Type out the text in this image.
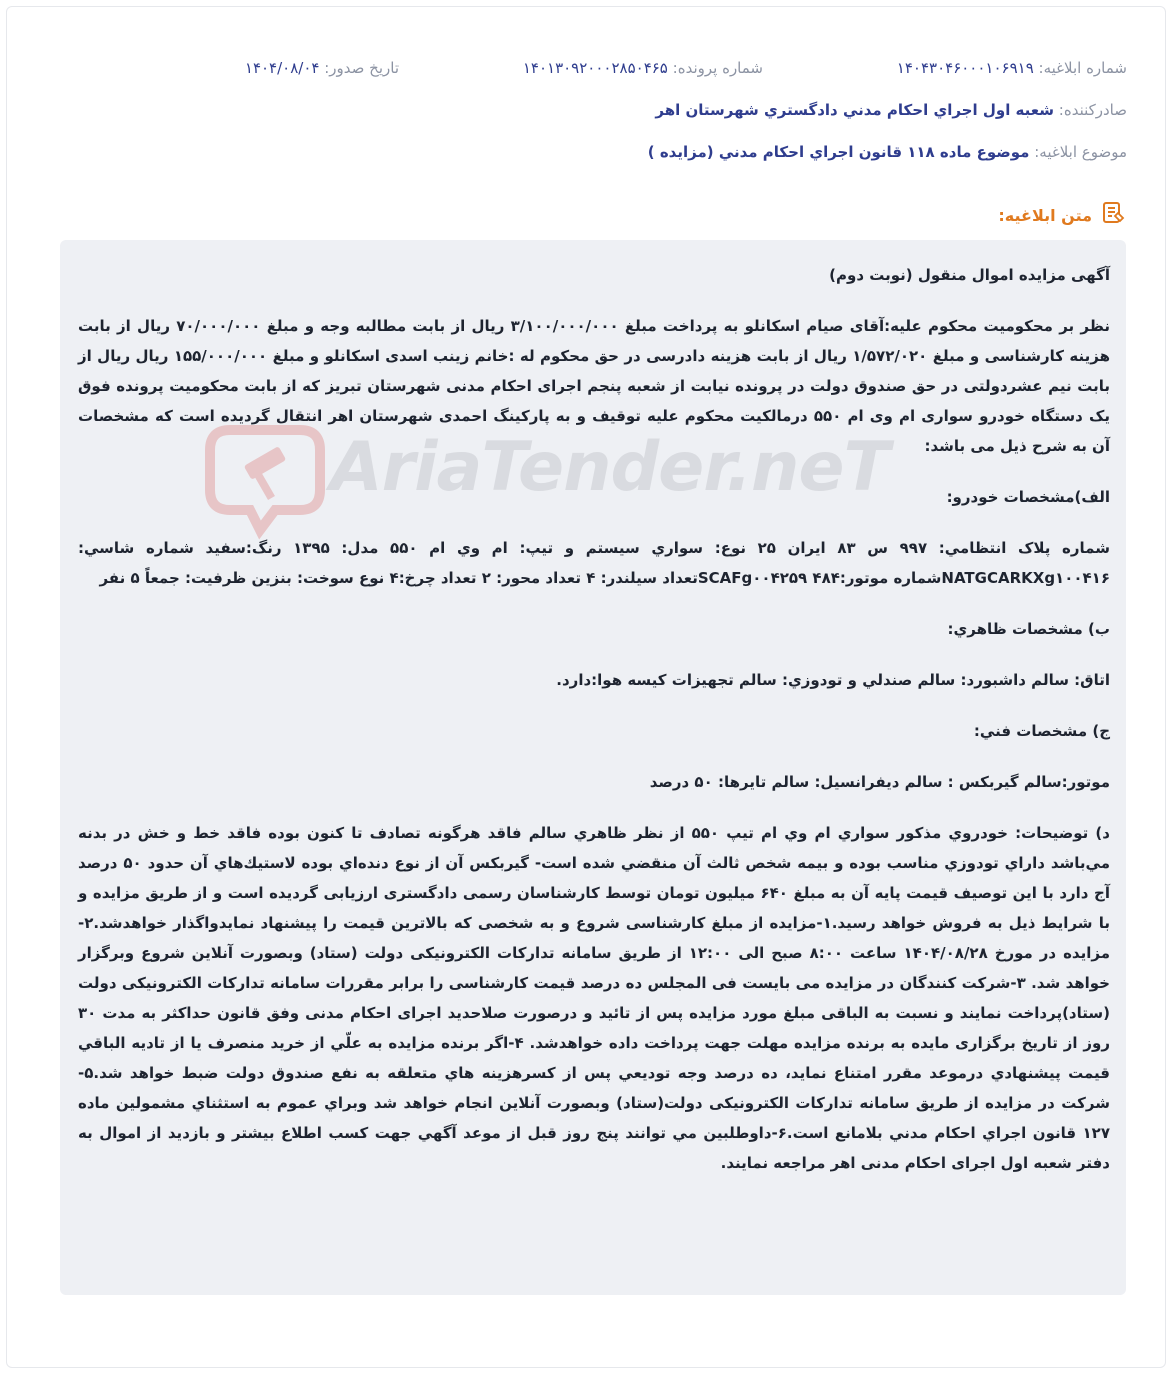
شماره ابلاغيه: ۱۴۰۴۳۰۴۶۰۰۰۱۰۶۹۱۹
شماره پرونده: ۱۴۰۱۳۰۹۲۰۰۰۲۸۵۰۴۶۵
تاريخ صدور: ۱۴۰۴/۰۸/۰۴
صادرکننده: شعبه اول اجراي احكام مدني دادگستري شهرستان اهر
موضوع ابلاغيه: موضوع ماده ۱۱۸ قانون اجراي احكام مدني (مزايده )
متن ابلاغيه:

آگهی مزایده اموال منقول (نوبت دوم)

نظر بر محکومیت محکوم علیه:آقای صیام اسکانلو به پرداخت مبلغ ۳/۱۰۰/۰۰۰/۰۰۰ ریال از بابت مطالبه وجه و مبلغ ۷۰/۰۰۰/۰۰۰ ریال از بابت هزینه کارشناسی و مبلغ ۱/۵۷۲/۰۲۰ ریال از بابت هزینه دادرسی در حق محکوم له :خانم زینب اسدی اسکانلو و مبلغ ۱۵۵/۰۰۰/۰۰۰ ریال ریال از بابت نیم عشردولتی در حق صندوق دولت در پرونده نیابت از شعبه پنجم اجرای احکام مدنی شهرستان تبریز که از بابت محکومیت پرونده فوق یک دستگاه خودرو سواری ام وی ام ۵۵۰ درمالکیت محکوم علیه توقیف و به پارکینگ احمدی شهرستان اهر انتقال گردیده است که مشخصات آن به شرح ذیل می باشد:

الف)مشخصات خودرو:

شماره پلاک انتظامي: ۹۹۷ س ۸۳ ايران ۲۵ نوع: سواري سيستم و تيپ: ام وي ام ۵۵۰ مدل: ۱۳۹۵ رنگ:سفيد شماره شاسي: NATGCARKXg۱۰۰۴۱۶شماره موتور:SCAFg۰۰۴۲۵۹ ۴۸۴تعداد سيلندر: ۴ تعداد محور: ۲ تعداد چرخ:۴ نوع سوخت: بنزين ظرفيت: جمعاً ۵ نفر

ب) مشخصات ظاهري:

اتاق: سالم داشبورد: سالم صندلي و تودوزي: سالم تجهيزات كيسه هوا:دارد.

ج) مشخصات فني:

موتور:سالم گيربكس : سالم ديفرانسيل: سالم تايرها: ۵۰ درصد

د) توضيحات: خودروي مذكور سواري ام وي ام تيپ ۵۵۰ از نظر ظاهري سالم فاقد هرگونه تصادف تا كنون بوده فاقد خط و خش در بدنه مي‌باشد داراي تودوزي مناسب بوده و بيمه شخص ثالث آن منقضي شده است- گيربكس آن از نوع دنده‌اي بوده لاستيك‌هاي آن حدود ۵۰ درصد آج دارد با این توصیف قیمت پایه آن به مبلغ ۶۴۰ میلیون تومان توسط کارشناسان رسمی دادگستری ارزیابی گردیده است و از طریق مزایده و با شرایط ذیل به فروش خواهد رسید.۱-مزایده از مبلغ کارشناسی شروع و به شخصی که بالاترین قیمت را پیشنهاد نمایدواگذار خواهدشد.۲-مزایده در مورخ ۱۴۰۴/۰۸/۲۸ ساعت ۸:۰۰ صبح الی ۱۲:۰۰ از طریق سامانه تدارکات الکترونیکی دولت (ستاد) وبصورت آنلاین شروع وبرگزار خواهد شد. ۳-شرکت کنندگان در مزایده می بایست فی المجلس ده درصد قیمت کارشناسی را برابر مقررات سامانه تدارکات الکترونیکی دولت (ستاد)پرداخت نمایند و نسبت به الباقی مبلغ مورد مزایده پس از تائید و درصورت صلاحدید اجرای احکام مدنی وفق قانون حداکثر به مدت ۳۰ روز از تاریخ برگزاری مایده به برنده مزایده مهلت جهت پرداخت داده خواهدشد. ۴-اگر برنده مزايده به علّي از خريد منصرف يا از تاديه الباقي قيمت پيشنهادي درموعد مقرر امتناع نمايد، ده درصد وجه توديعي پس از كسرهزينه هاي متعلقه به نفع صندوق دولت ضبط خواهد شد.۵-شرکت در مزایده از طریق سامانه تدارکات الکترونیکی دولت(ستاد) وبصورت آنلاین انجام خواهد شد وبراي عموم به استثناي مشمولين ماده ۱۲۷ قانون اجراي احكام مدني بلامانع است.۶-داوطلبين مي توانند پنج روز قبل از موعد آگهي جهت كسب اطلاع بيشتر و بازديد از اموال به دفتر شعبه اول اجرای احکام مدنی اهر مراجعه نمایند.

AriaTender.neT
